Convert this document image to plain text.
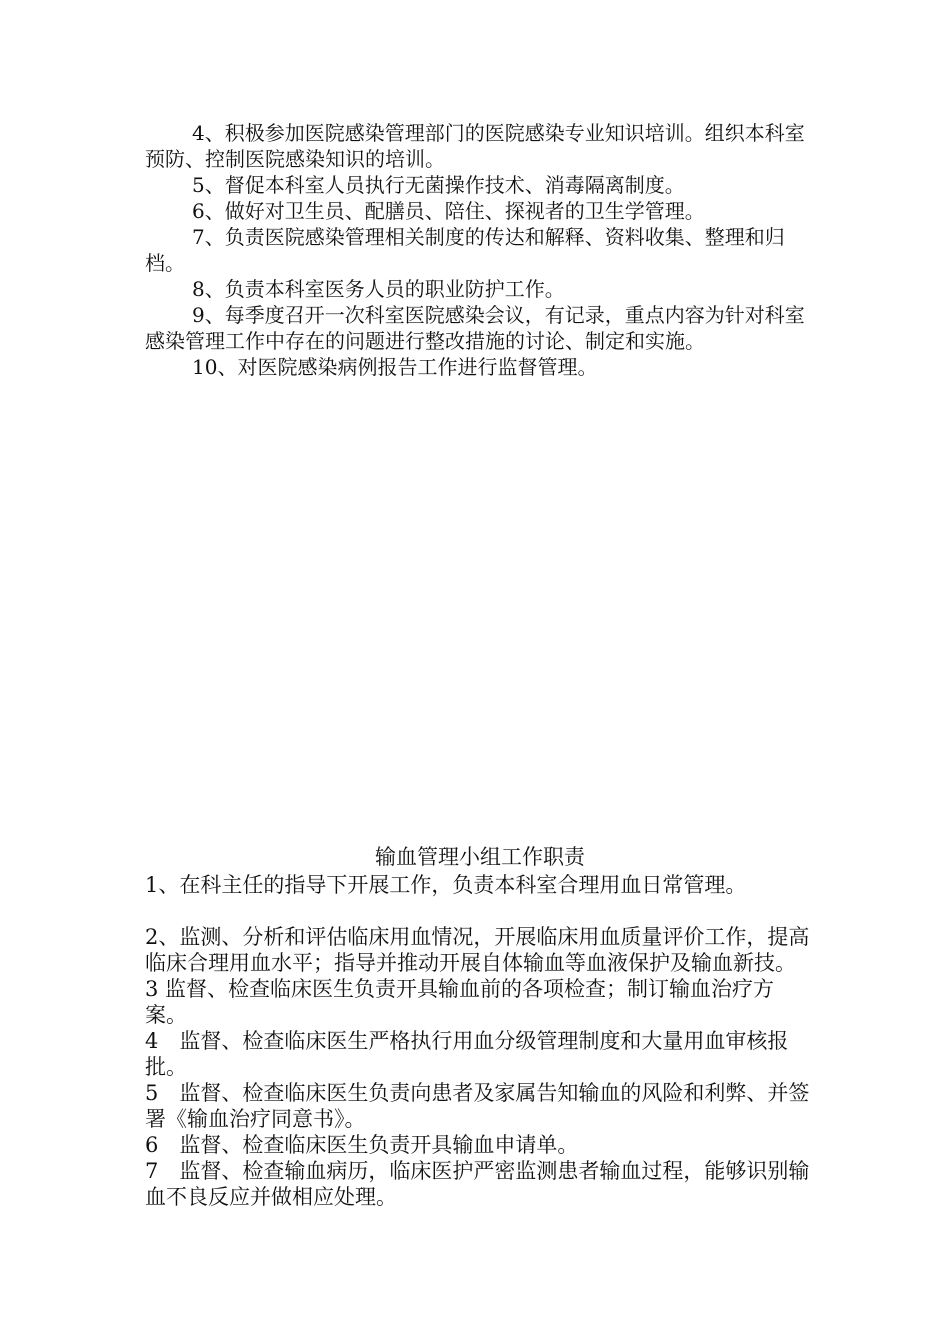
4、积极参加医院感染管理部门的医院感染专业知识培训。组织本科室预防、控制医院感染知识的培训。

5、督促本科室人员执行无菌操作技术、消毒隔离制度。

6、做好对卫生员、配膳员、陪住、探视者的卫生学管理。

7、负责医院感染管理相关制度的传达和解释、资料收集、整理和归档。

8、负责本科室医务人员的职业防护工作。

9、每季度召开一次科室医院感染会议，有记录，重点内容为针对科室感染管理工作中存在的问题进行整改措施的讨论、制定和实施。

10、对医院感染病例报告工作进行监督管理。

输血管理小组工作职责

1、在科主任的指导下开展工作，负责本科室合理用血日常管理。

2、监测、分析和评估临床用血情况，开展临床用血质量评价工作，提高临床合理用血水平；指导并推动开展自体输血等血液保护及输血新技。

3 监督、检查临床医生负责开具输血前的各项检查；制订输血治疗方案。

4　监督、检查临床医生严格执行用血分级管理制度和大量用血审核报批。

5　监督、检查临床医生负责向患者及家属告知输血的风险和利弊、并签署《输血治疗同意书》。

6　监督、检查临床医生负责开具输血申请单。

7　监督、检查输血病历，临床医护严密监测患者输血过程，能够识别输血不良反应并做相应处理。
